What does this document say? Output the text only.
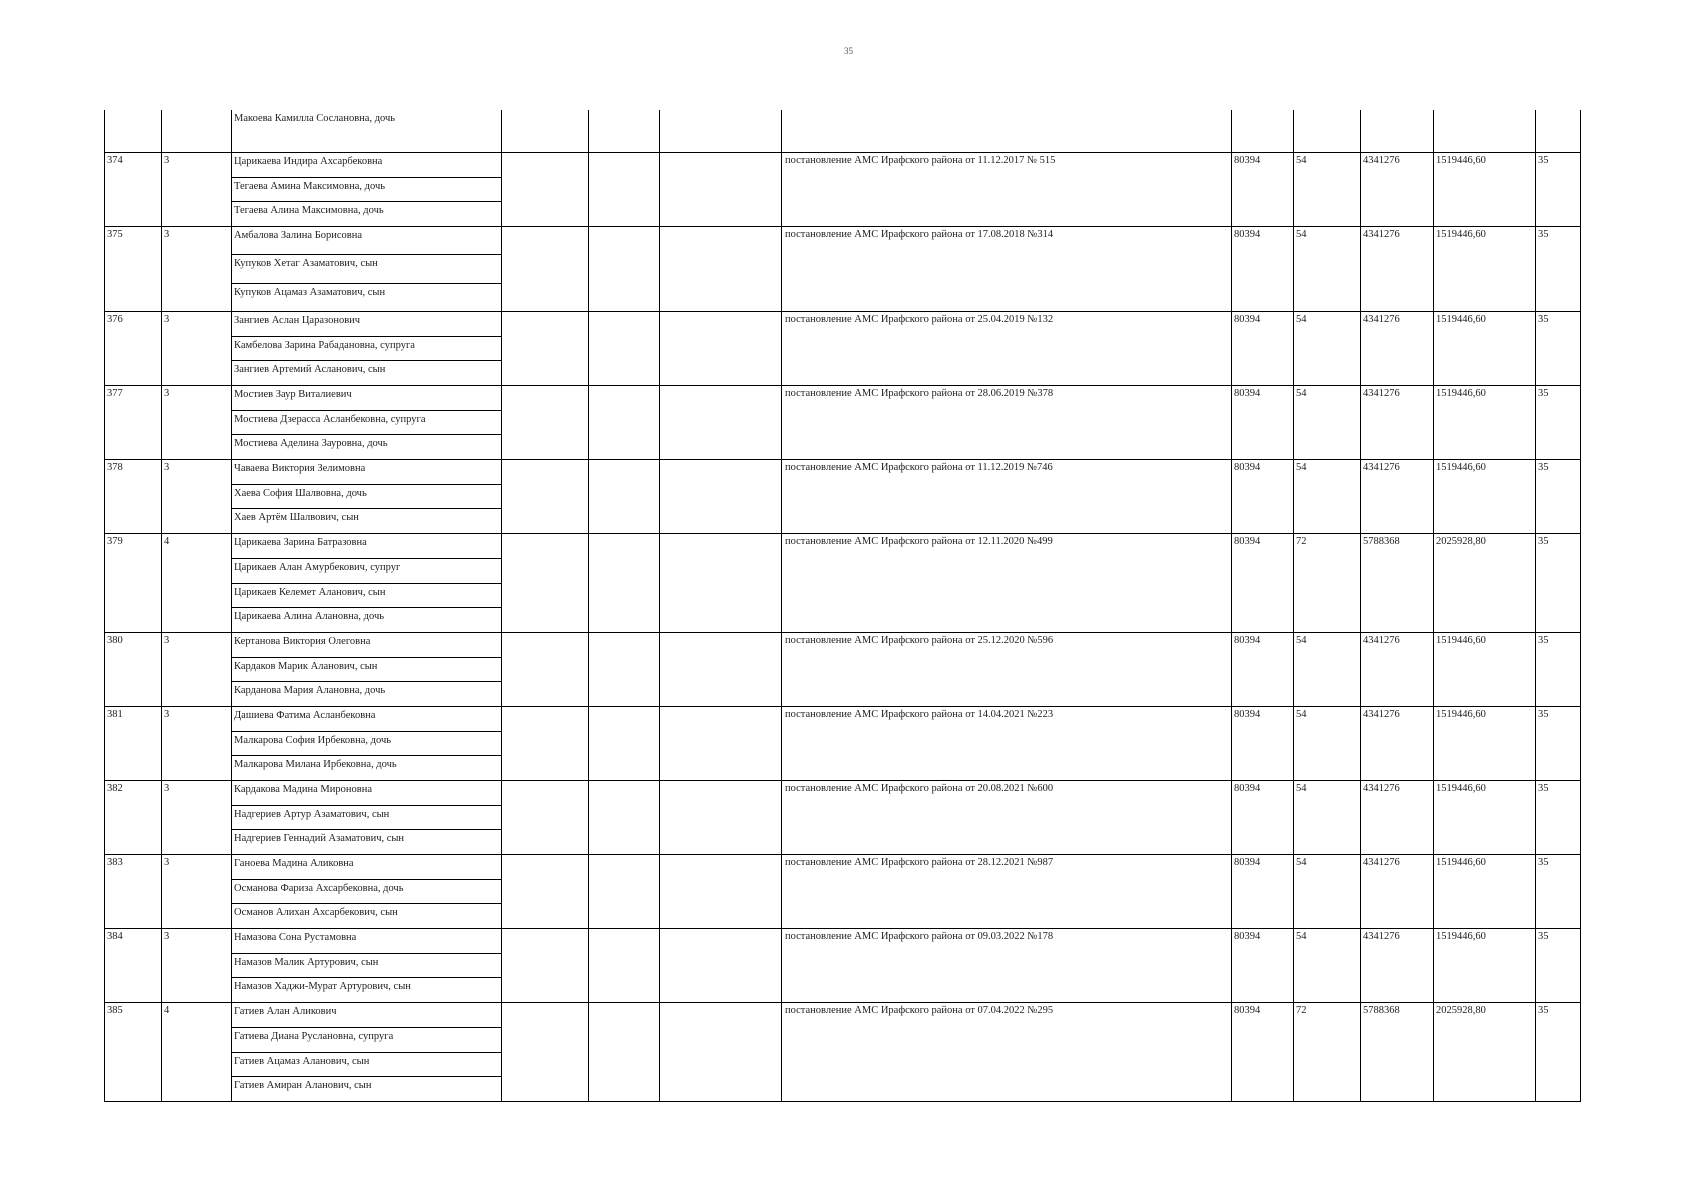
35

		Макоева Камилла Сослановна, дочь									

374	3	Царикаева Индира Ахсарбековна
Тегаева Амина Максимовна, дочь
Тегаева Алина Максимовна, дочь				постановление АМС Ирафского района от 11.12.2017 № 515	80394	54	4341276	1519446,60	35

375	3	Амбалова Залина Борисовна
Купуков Хетаг Азаматович, сын
Купуков Ацамаз Азаматович, сын				постановление АМС Ирафского района от 17.08.2018 №314	80394	54	4341276	1519446,60	35

376	3	Зангиев Аслан Царазонович
Камбелова Зарина Рабадановна, супруга
Зангиев Артемий Асланович, сын				постановление АМС Ирафского района от 25.04.2019 №132	80394	54	4341276	1519446,60	35

377	3	Мостиев Заур Виталиевич
Мостиева Дзерасса Асланбековна, супруга
Мостиева Аделина Зауровна, дочь				постановление АМС Ирафского района от 28.06.2019 №378	80394	54	4341276	1519446,60	35

378	3	Чаваева Виктория Зелимовна
Хаева София Шалвовна, дочь
Хаев Артём Шалвович, сын				постановление АМС Ирафского района от 11.12.2019 №746	80394	54	4341276	1519446,60	35

379	4	Царикаева Зарина Батразовна
Царикаев Алан Амурбекович, супруг
Царикаев Келемет Аланович, сын
Царикаева Алина Алановна, дочь				постановление АМС Ирафского района от 12.11.2020 №499	80394	72	5788368	2025928,80	35

380	3	Кертанова Виктория Олеговна
Кардаков Марик Аланович, сын
Карданова Мария Алановна, дочь				постановление АМС Ирафского района от 25.12.2020 №596	80394	54	4341276	1519446,60	35

381	3	Дашиева Фатима Асланбековна
Малкарова София Ирбековна, дочь
Малкарова Милана Ирбековна, дочь				постановление АМС Ирафского района от 14.04.2021 №223	80394	54	4341276	1519446,60	35

382	3	Кардакова Мадина Мироновна
Надгериев Артур Азаматович, сын
Надгериев Геннадий Азаматович, сын				постановление АМС Ирафского района от 20.08.2021 №600	80394	54	4341276	1519446,60	35

383	3	Ганоева Мадина Аликовна
Османова Фариза Ахсарбековна, дочь
Османов Алихан Ахсарбекович, сын				постановление АМС Ирафского района от 28.12.2021 №987	80394	54	4341276	1519446,60	35

384	3	Намазова Сона Рустамовна
Намазов Малик Артурович, сын
Намазов Хаджи-Мурат Артурович, сын				постановление АМС Ирафского района от 09.03.2022 №178	80394	54	4341276	1519446,60	35

385	4	Гатиев Алан Аликович
Гатиева Диана Руслановна, супруга
Гатиев Ацамаз Аланович, сын
Гатиев Амиран Аланович, сын				постановление АМС Ирафского района от 07.04.2022 №295	80394	72	5788368	2025928,80	35
